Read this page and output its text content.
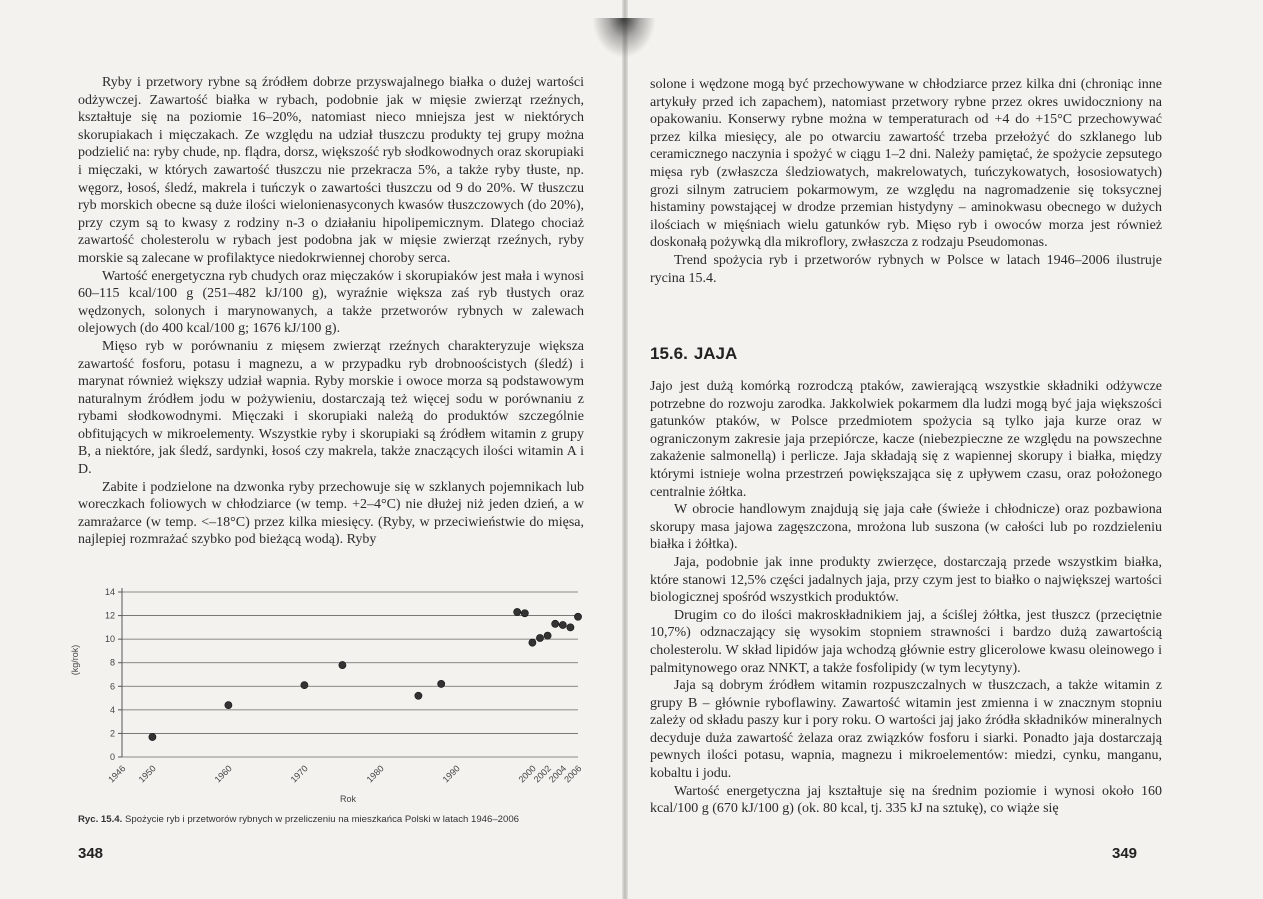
Ryby i przetwory rybne są źródłem dobrze przyswajalnego białka o dużej wartości odżywczej. Zawartość białka w rybach, podobnie jak w mięsie zwierząt rzeźnych, kształtuje się na poziomie 16–20%, natomiast nieco mniejsza jest w niektórych skorupiakach i mięczakach. Ze względu na udział tłuszczu produkty tej grupy można podzielić na: ryby chude, np. flądra, dorsz, większość ryb słodkowodnych oraz skorupiaki i mięczaki, w których zawartość tłuszczu nie przekracza 5%, a także ryby tłuste, np. węgorz, łosoś, śledź, makrela i tuńczyk o zawartości tłuszczu od 9 do 20%. W tłuszczu ryb morskich obecne są duże ilości wielonienasyconych kwasów tłuszczowych (do 20%), przy czym są to kwasy z rodziny n-3 o działaniu hipolipemicznym. Dlatego chociaż zawartość cholesterolu w rybach jest podobna jak w mięsie zwierząt rzeźnych, ryby morskie są zalecane w profilaktyce niedokrwiennej choroby serca.

Wartość energetyczna ryb chudych oraz mięczaków i skorupiaków jest mała i wynosi 60–115 kcal/100 g (251–482 kJ/100 g), wyraźnie większa zaś ryb tłustych oraz wędzonych, solonych i marynowanych, a także przetworów rybnych w zalewach olejowych (do 400 kcal/100 g; 1676 kJ/100 g).

Mięso ryb w porównaniu z mięsem zwierząt rzeźnych charakteryzuje większa zawartość fosforu, potasu i magnezu, a w przypadku ryb drobnoościstych (śledź) i marynat również większy udział wapnia. Ryby morskie i owoce morza są podstawowym naturalnym źródłem jodu w pożywieniu, dostarczają też więcej sodu w porównaniu z rybami słodkowodnymi. Mięczaki i skorupiaki należą do produktów szczególnie obfitujących w mikroelementy. Wszystkie ryby i skorupiaki są źródłem witamin z grupy B, a niektóre, jak śledź, sardynki, łosoś czy makrela, także znaczących ilości witamin A i D.

Zabite i podzielone na dzwonka ryby przechowuje się w szklanych pojemnikach lub woreczkach foliowych w chłodziarce (w temp. +2–4°C) nie dłużej niż jeden dzień, a w zamrażarce (w temp. <–18°C) przez kilka miesięcy. (Ryby, w przeciwieństwie do mięsa, najlepiej rozmrażać szybko pod bieżącą wodą). Ryby

0
2
4
6
8
10
12
14
1946 1950	1960	1970	1980	1990	2000
2002
2004
2006
(kg/rok)
Rok
Ryc. 15.4. Spożycie ryb i przetworów rybnych w przeliczeniu na mieszkańca Polski w latach 1946–2006
348

solone i wędzone mogą być przechowywane w chłodziarce przez kilka dni (chroniąc inne artykuły przed ich zapachem), natomiast przetwory rybne przez okres uwidoczniony na opakowaniu. Konserwy rybne można w temperaturach od +4 do +15°C przechowywać przez kilka miesięcy, ale po otwarciu zawartość trzeba przełożyć do szklanego lub ceramicznego naczynia i spożyć w ciągu 1–2 dni. Należy pamiętać, że spożycie zepsutego mięsa ryb (zwłaszcza śledziowatych, makrelowatych, tuńczykowatych, łososiowatych) grozi silnym zatruciem pokarmowym, ze względu na nagromadzenie się toksycznej histaminy powstającej w drodze przemian histydyny – aminokwasu obecnego w dużych ilościach w mięśniach wielu gatunków ryb. Mięso ryb i owoców morza jest również doskonałą pożywką dla mikroflory, zwłaszcza z rodzaju Pseudomonas.

Trend spożycia ryb i przetworów rybnych w Polsce w latach 1946–2006 ilustruje rycina 15.4.

15.6. JAJA

Jajo jest dużą komórką rozrodczą ptaków, zawierającą wszystkie składniki odżywcze potrzebne do rozwoju zarodka. Jakkolwiek pokarmem dla ludzi mogą być jaja większości gatunków ptaków, w Polsce przedmiotem spożycia są tylko jaja kurze oraz w ograniczonym zakresie jaja przepiórcze, kacze (niebezpieczne ze względu na powszechne zakażenie salmonellą) i perlicze. Jaja składają się z wapiennej skorupy i białka, między którymi istnieje wolna przestrzeń powiększająca się z upływem czasu, oraz położonego centralnie żółtka.

W obrocie handlowym znajdują się jaja całe (świeże i chłodnicze) oraz pozbawiona skorupy masa jajowa zagęszczona, mrożona lub suszona (w całości lub po rozdzieleniu białka i żółtka).

Jaja, podobnie jak inne produkty zwierzęce, dostarczają przede wszystkim białka, które stanowi 12,5% części jadalnych jaja, przy czym jest to białko o największej wartości biologicznej spośród wszystkich produktów.

Drugim co do ilości makroskładnikiem jaj, a ściślej żółtka, jest tłuszcz (przeciętnie 10,7%) odznaczający się wysokim stopniem strawności i bardzo dużą zawartością cholesterolu. W skład lipidów jaja wchodzą głównie estry glicerolowe kwasu oleinowego i palmitynowego oraz NNKT, a także fosfolipidy (w tym lecytyny).

Jaja są dobrym źródłem witamin rozpuszczalnych w tłuszczach, a także witamin z grupy B – głównie ryboflawiny. Zawartość witamin jest zmienna i w znacznym stopniu zależy od składu paszy kur i pory roku. O wartości jaj jako źródła składników mineralnych decyduje duża zawartość żelaza oraz związków fosforu i siarki. Ponadto jaja dostarczają pewnych ilości potasu, wapnia, magnezu i mikroelementów: miedzi, cynku, manganu, kobaltu i jodu.

Wartość energetyczna jaj kształtuje się na średnim poziomie i wynosi około 160 kcal/100 g (670 kJ/100 g) (ok. 80 kcal, tj. 335 kJ na sztukę), co wiąże się

349
